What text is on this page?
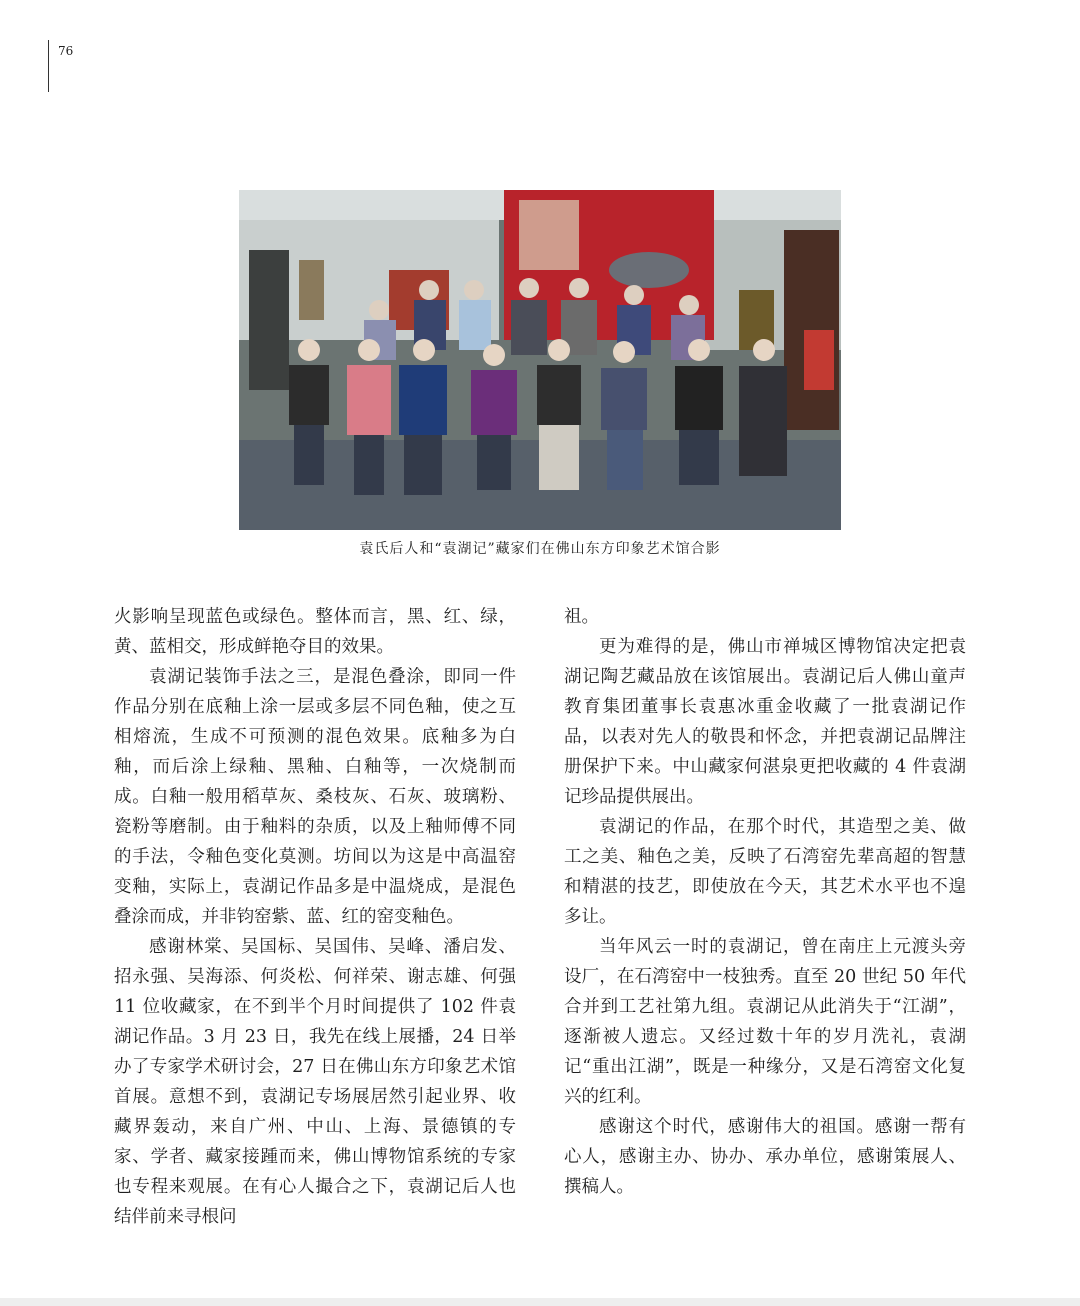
76
袁氏后人和“袁湖记”藏家们在佛山东方印象艺术馆合影

火影响呈现蓝色或绿色。整体而言，黑、红、绿，黄、蓝相交，形成鲜艳夺目的效果。

袁湖记装饰手法之三，是混色叠涂，即同一件作品分别在底釉上涂一层或多层不同色釉，使之互相熔流，生成不可预测的混色效果。底釉多为白釉，而后涂上绿釉、黑釉、白釉等，一次烧制而成。白釉一般用稻草灰、桑枝灰、石灰、玻璃粉、瓷粉等磨制。由于釉料的杂质，以及上釉师傅不同的手法，令釉色变化莫测。坊间以为这是中高温窑变釉，实际上，袁湖记作品多是中温烧成，是混色叠涂而成，并非钧窑紫、蓝、红的窑变釉色。

感谢林棠、吴国标、吴国伟、吴峰、潘启发、招永强、吴海添、何炎松、何祥荣、谢志雄、何强 11 位收藏家，在不到半个月时间提供了 102 件袁湖记作品。3 月 23 日，我先在线上展播，24 日举办了专家学术研讨会，27 日在佛山东方印象艺术馆首展。意想不到，袁湖记专场展居然引起业界、收藏界轰动，来自广州、中山、上海、景德镇的专家、学者、藏家接踵而来，佛山博物馆系统的专家也专程来观展。在有心人撮合之下，袁湖记后人也结伴前来寻根问

祖。

更为难得的是，佛山市禅城区博物馆决定把袁湖记陶艺藏品放在该馆展出。袁湖记后人佛山童声教育集团董事长袁惠冰重金收藏了一批袁湖记作品，以表对先人的敬畏和怀念，并把袁湖记品牌注册保护下来。中山藏家何湛泉更把收藏的 4 件袁湖记珍品提供展出。

袁湖记的作品，在那个时代，其造型之美、做工之美、釉色之美，反映了石湾窑先辈高超的智慧和精湛的技艺，即使放在今天，其艺术水平也不遑多让。

当年风云一时的袁湖记，曾在南庄上元渡头旁设厂，在石湾窑中一枝独秀。直至 20 世纪 50 年代合并到工艺社第九组。袁湖记从此消失于“江湖”，逐渐被人遗忘。又经过数十年的岁月洗礼，袁湖记“重出江湖”，既是一种缘分，又是石湾窑文化复兴的红利。

感谢这个时代，感谢伟大的祖国。感谢一帮有心人，感谢主办、协办、承办单位，感谢策展人、撰稿人。
